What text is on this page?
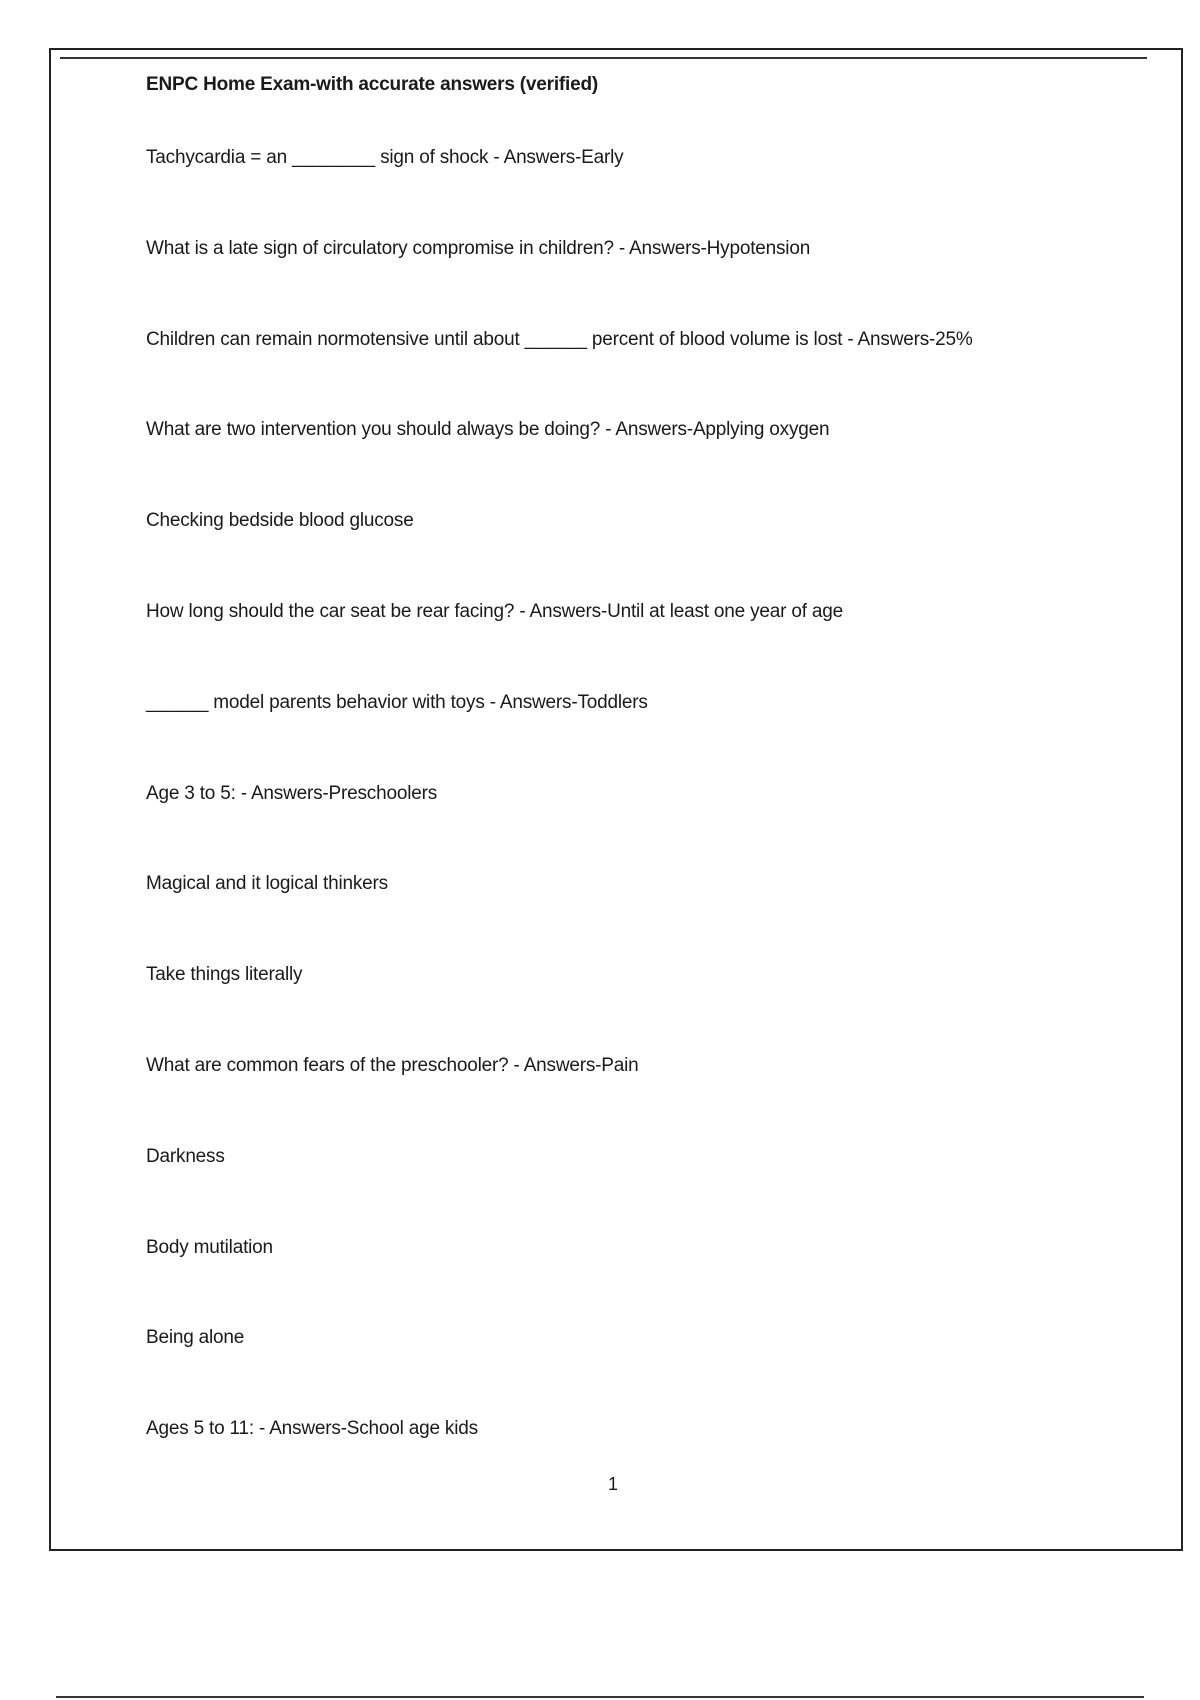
ENPC Home Exam-with accurate answers (verified)
Tachycardia = an ________ sign of shock - Answers-Early
What is a late sign of circulatory compromise in children? - Answers-Hypotension
Children can remain normotensive until about ______ percent of blood volume is lost - Answers-25%
What are two intervention you should always be doing? - Answers-Applying oxygen
Checking bedside blood glucose
How long should the car seat be rear facing? - Answers-Until at least one year of age
______ model parents behavior with toys - Answers-Toddlers
Age 3 to 5: - Answers-Preschoolers
Magical and it logical thinkers
Take things literally
What are common fears of the preschooler? - Answers-Pain
Darkness
Body mutilation
Being alone
Ages 5 to 11: - Answers-School age kids
1
